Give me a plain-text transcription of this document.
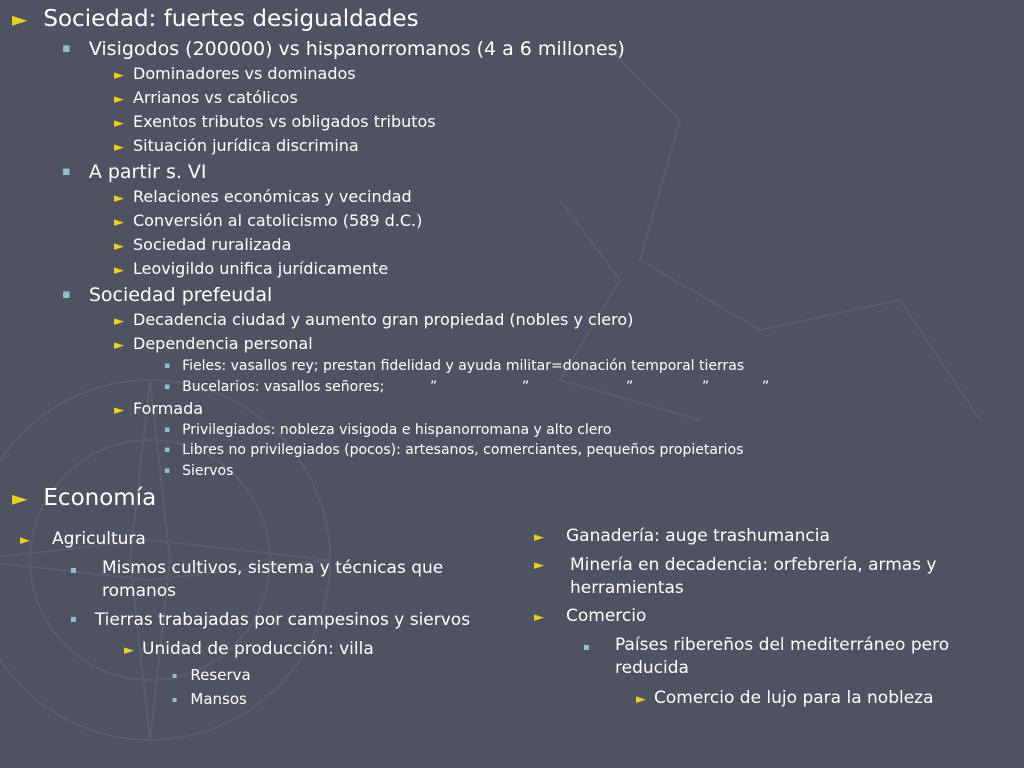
► Sociedad: fuertes desigualdades
▪ Visigodos (200000) vs hispanorromanos (4 a 6 millones)
► Dominadores vs dominados
► Arrianos vs católicos
► Exentos tributos vs obligados tributos
► Situación jurídica discrimina
▪ A partir s. VI
► Relaciones económicas y vecindad
► Conversión al catolicismo (589 d.C.)
► Sociedad ruralizada
► Leovigildo unifica jurídicamente
▪ Sociedad prefeudal
► Decadencia ciudad y aumento gran propiedad (nobles y clero)
► Dependencia personal
▪ Fieles: vasallos rey; prestan fidelidad y ayuda militar=donación temporal tierras
▪ Bucelarios: vasallos señores;	”	”	”	”	”
► Formada
▪ Privilegiados: nobleza visigoda e hispanorromana y alto clero
▪ Libres no privilegiados (pocos): artesanos, comerciantes, pequeños propietarios
▪ Siervos
► Economía
► Agricultura
▪ Mismos cultivos, sistema y técnicas que romanos
▪ Tierras trabajadas por campesinos y siervos
► Unidad de producción: villa
▪ Reserva
▪ Mansos
► Ganadería: auge trashumancia
► Minería en decadencia: orfebrería, armas y herramientas
► Comercio
▪ Países ribereños del mediterráneo pero reducida
► Comercio de lujo para la nobleza
